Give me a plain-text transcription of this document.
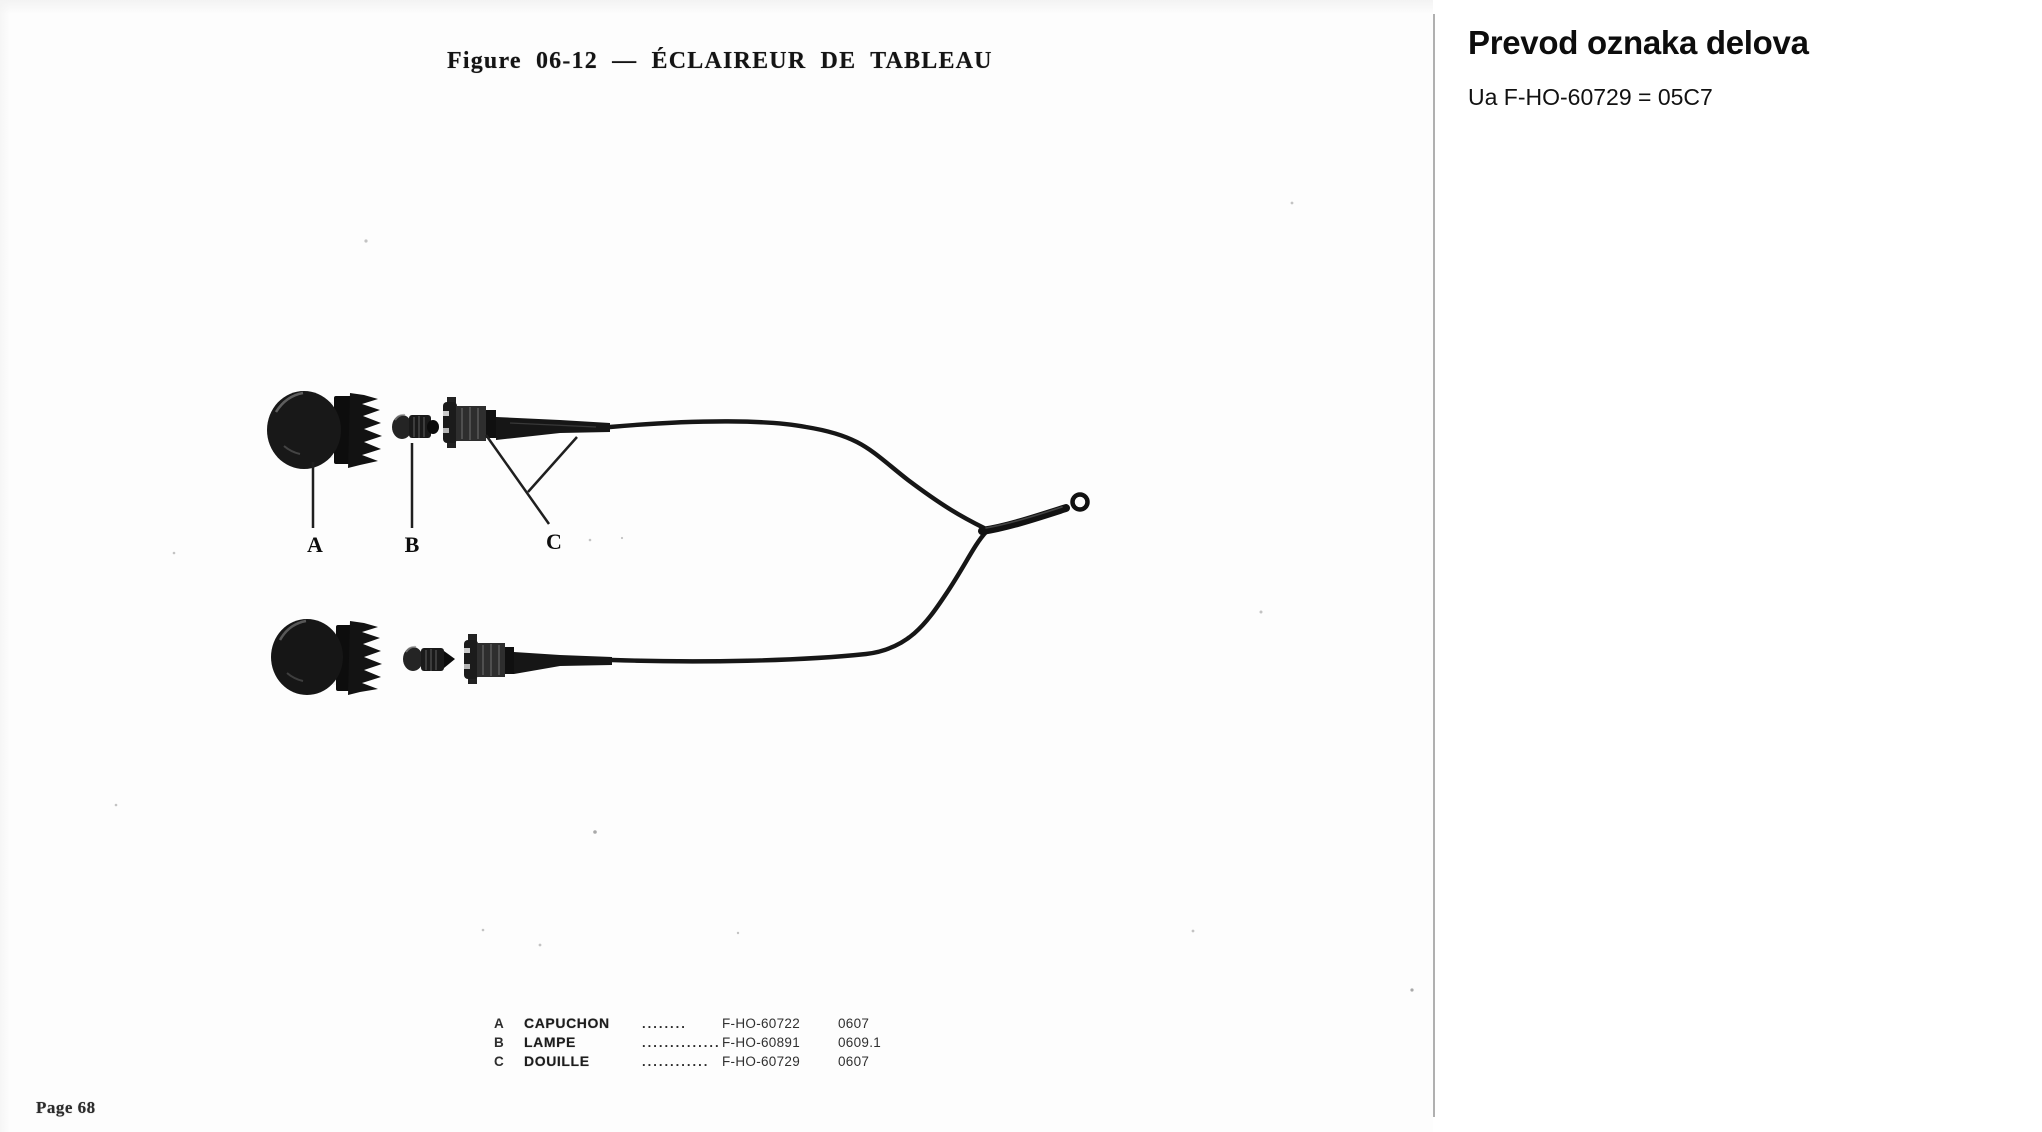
Figure 06-12 — ÉCLAIREUR DE TABLEAU
A	B	C
A	CAPUCHON	........	F-HO-60722	0607
B	LAMPE	.............. F-HO-60891	0609.1
C	DOUILLE	............ F-HO-60729	0607
Page 68
Prevod oznaka delova
Ua F-HO-60729 = 05C7
